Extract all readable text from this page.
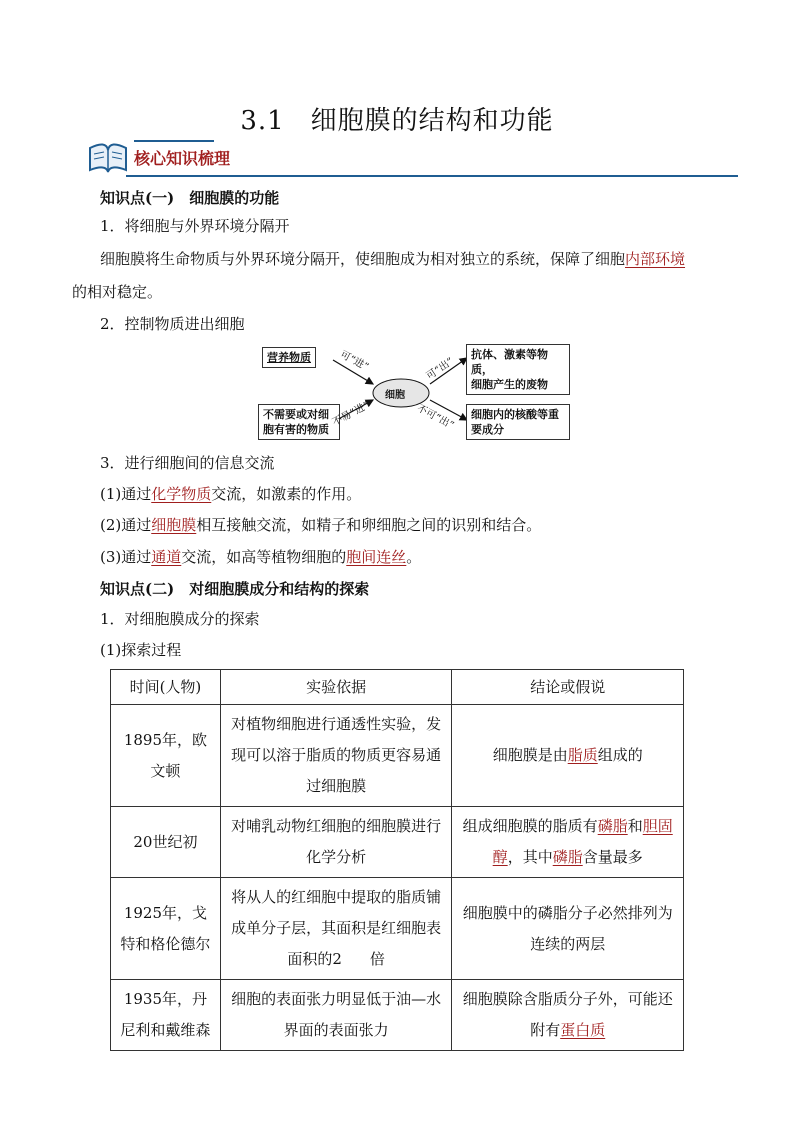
3.1 细胞膜的结构和功能
核心知识梳理
知识点(一)　细胞膜的功能
1．将细胞与外界环境分隔开
细胞膜将生命物质与外界环境分隔开，使细胞成为相对独立的系统，保障了细胞内部环境
的相对稳定。
2．控制物质进出细胞
细胞
营养物质
不需要或对细
胞有害的物质
抗体、激素等物质，
细胞产生的废物
细胞内的核酸等重
要成分
可“进”
不易“进”
可“出”
不可“出”
3．进行细胞间的信息交流
(1)通过化学物质交流，如激素的作用。
(2)通过细胞膜相互接触交流，如精子和卵细胞之间的识别和结合。
(3)通过通道交流，如高等植物细胞的胞间连丝。
知识点(二)　对细胞膜成分和结构的探索
1．对细胞膜成分的探索
(1)探索过程
时间(人物)	实验依据	结论或假说
1895年，欧文顿	对植物细胞进行通透性实验，发现可以溶于脂质的物质更容易通过细胞膜	细胞膜是由脂质组成的
20世纪初	对哺乳动物红细胞的细胞膜进行化学分析	组成细胞膜的脂质有磷脂和胆固醇，其中磷脂含量最多
1925年，戈特和格伦德尔	将从人的红细胞中提取的脂质铺成单分子层，其面积是红细胞表面积的2 倍	细胞膜中的磷脂分子必然排列为连续的两层
1935年，丹尼利和戴维森	细胞的表面张力明显低于油—水界面的表面张力	细胞膜除含脂质分子外，可能还附有蛋白质
